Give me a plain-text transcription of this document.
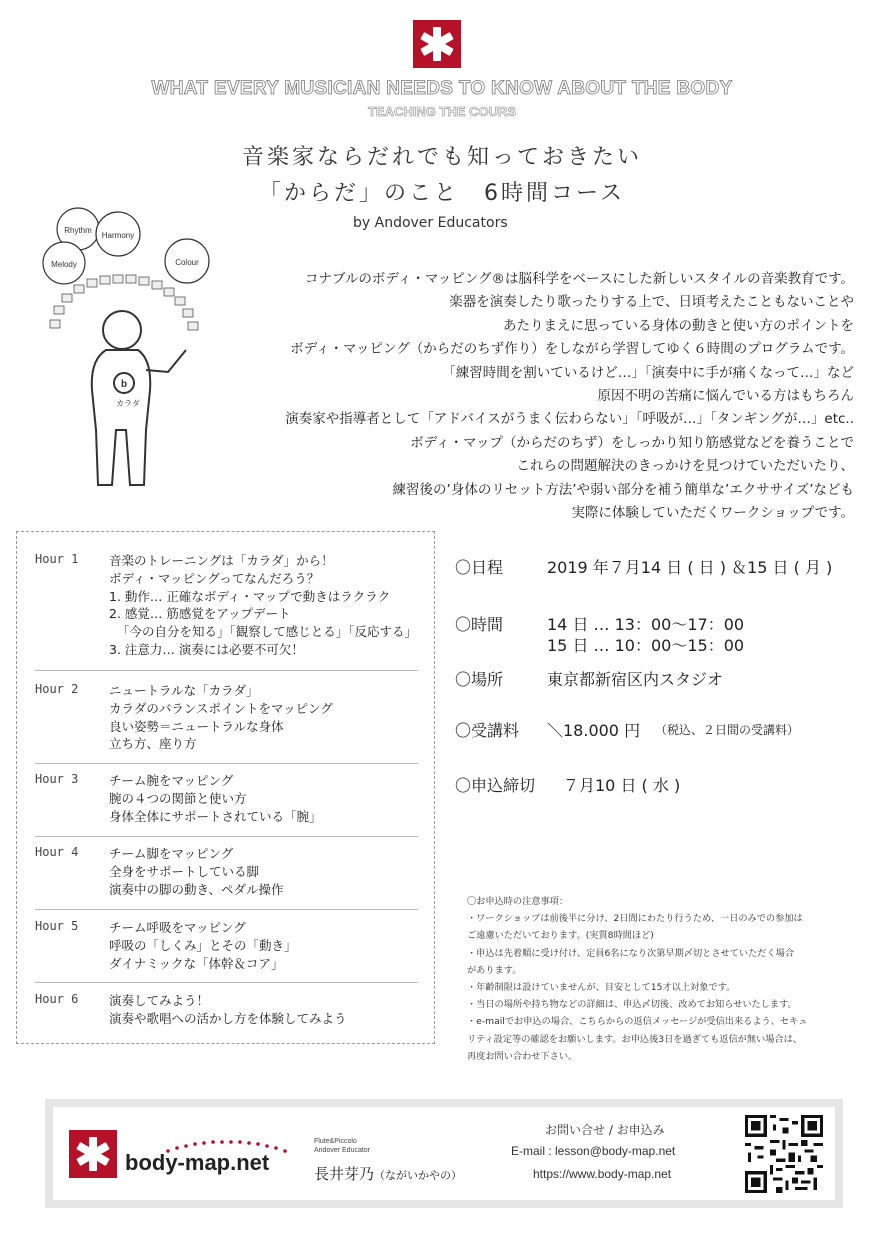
WHAT EVERY MUSICIAN NEEDS TO KNOW ABOUT THE BODY
TEACHING THE COURS
音楽家ならだれでも知っておきたい
「からだ」のこと　6時間コース
by Andover Educators
Rhythm
Harmony
Melody	Colour
b
カラダ

コナブルのボディ・マッピング®は脳科学をベースにした新しいスタイルの音楽教育です。

楽器を演奏したり歌ったりする上で、日頃考えたこともないことや

あたりまえに思っている身体の動きと使い方のポイントを

ボディ・マッピング（からだのちず作り）をしながら学習してゆく６時間のプログラムです。

「練習時間を割いているけど…」「演奏中に手が痛くなって…」など

原因不明の苦痛に悩んでいる方はもちろん

演奏家や指導者として「アドバイスがうまく伝わらない」「呼吸が…」「タンギングが…」etc..

ボディ・マップ（からだのちず）をしっかり知り筋感覚などを養うことで

これらの問題解決のきっかけを見つけていただいたり、

練習後の’身体のリセット方法’や弱い部分を補う簡単な’エクササイズ’なども

実際に体験していただくワークショップです。

Hour 1 音楽のトレーニングは「カラダ」から！
ボディ・マッピングってなんだろう？
1. 動作… 正確なボディ・マップで動きはラクラク
2. 感覚… 筋感覚をアップデート
「今の自分を知る」「観察して感じとる」「反応する」
3. 注意力… 演奏には必要不可欠！
Hour 2 ニュートラルな「カラダ」
カラダのバランスポイントをマッピング
良い姿勢＝ニュートラルな身体
立ち方、座り方
Hour 3 チーム腕をマッピング
腕の４つの関節と使い方
身体全体にサポートされている「腕」
Hour 4 チーム脚をマッピング
全身をサポートしている脚
演奏中の脚の動き、ペダル操作
Hour 5 チーム呼吸をマッピング
呼吸の「しくみ」とその「動き」
ダイナミックな「体幹＆コア」
Hour 6 演奏してみよう！
演奏や歌唱への活かし方を体験してみよう
〇日程	2019 年７月14 日 ( 日 ) ＆15 日 ( 月 )
〇時間	14 日 … 13：00〜17：00
15 日 … 10：00〜15：00
〇場所	東京都新宿区内スタジオ
〇受講料 ＼18.000 円 （税込、２日間の受講料）
〇申込締切 ７月10 日 ( 水 )

〇お申込時の注意事項：

・ワークショップは前後半に分け、2日間にわたり行うため、一日のみでの参加は

ご遠慮いただいております。(実質8時間ほど)

・申込は先着順に受け付け、定員6名になり次第早期〆切とさせていただく場合

があります。

・年齢制限は設けていませんが、目安として15才以上対象です。

・当日の場所や持ち物などの詳細は、申込〆切後、改めてお知らせいたします。

・e-mailでお申込の場合、こちらからの返信メッセージが受信出来るよう、セキュ

リティ設定等の確認をお願いします。お申込後3日を過ぎても返信が無い場合は、

再度お問い合わせ下さい。

body-map.net
Flute&Piccolo
Andover Educator
長井芽乃（ながいかやの）
お問い合せ / お申込み
E-mail : lesson@body-map.net
https://www.body-map.net
